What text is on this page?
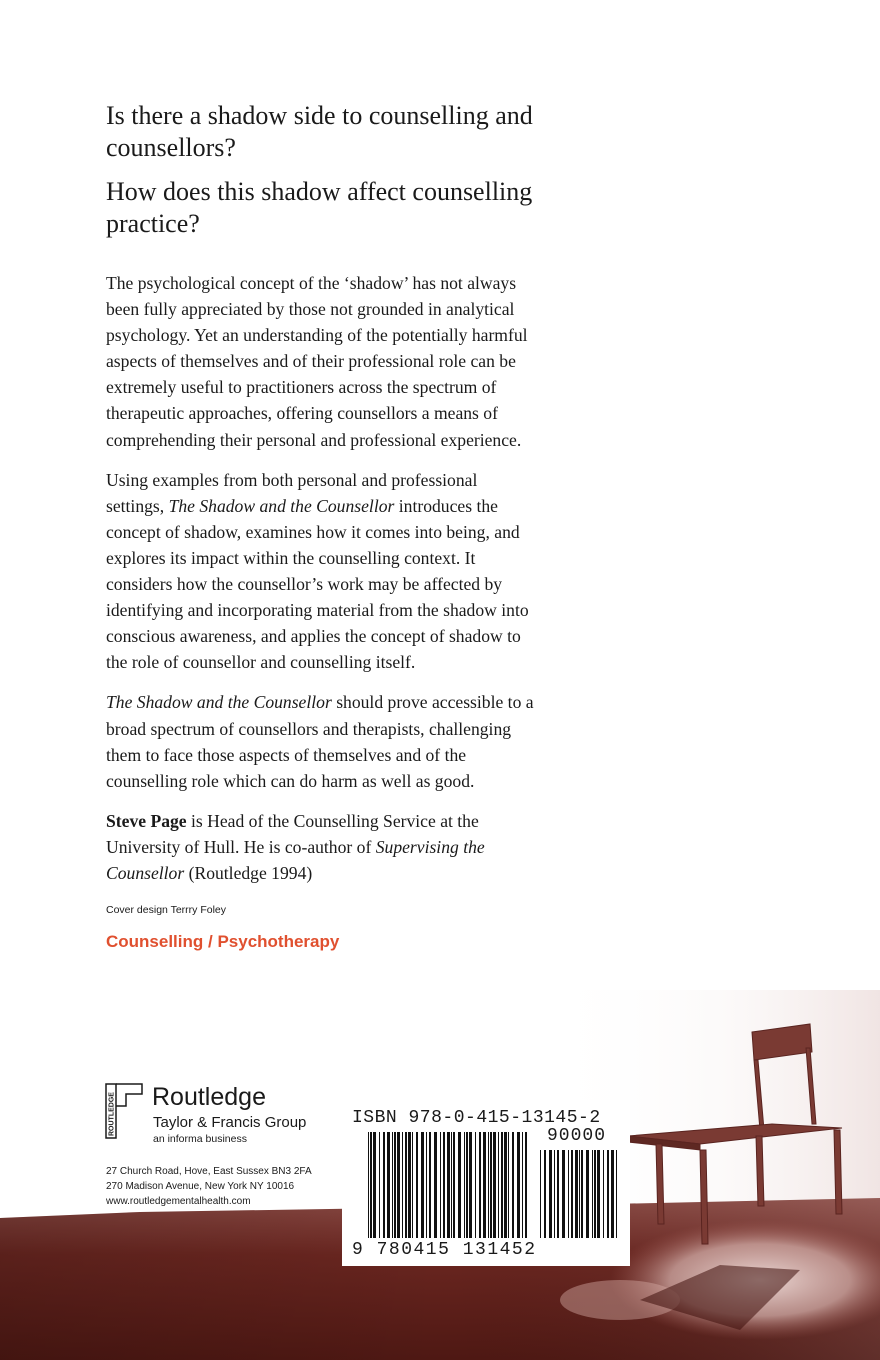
Is there a shadow side to counselling and counsellors?
How does this shadow affect counselling practice?

The psychological concept of the ‘shadow’ has not always been fully appreciated by those not grounded in analytical psychology. Yet an understanding of the potentially harmful aspects of themselves and of their professional role can be extremely useful to practitioners across the spectrum of therapeutic approaches, offering counsellors a means of comprehending their personal and professional experience.

Using examples from both personal and professional settings, The Shadow and the Counsellor introduces the concept of shadow, examines how it comes into being, and explores its impact within the counselling context. It considers how the counsellor’s work may be affected by identifying and incorporating material from the shadow into conscious awareness, and applies the concept of shadow to the role of counsellor and counselling itself.

The Shadow and the Counsellor should prove accessible to a broad spectrum of counsellors and therapists, challenging them to face those aspects of themselves and of the counselling role which can do harm as well as good.

Steve Page is Head of the Counselling Service at the University of Hull. He is co-author of Supervising the Counsellor (Routledge 1994)

Cover design Terrry Foley
Counselling / Psychotherapy
ROUTLEDGE Routledge
Taylor & Francis Group
an informa business
27 Church Road, Hove, East Sussex BN3 2FA
270 Madison Avenue, New York NY 10016
www.routledgementalhealth.com
ISBN 978-0-415-13145-2
90000
9 780415 131452
